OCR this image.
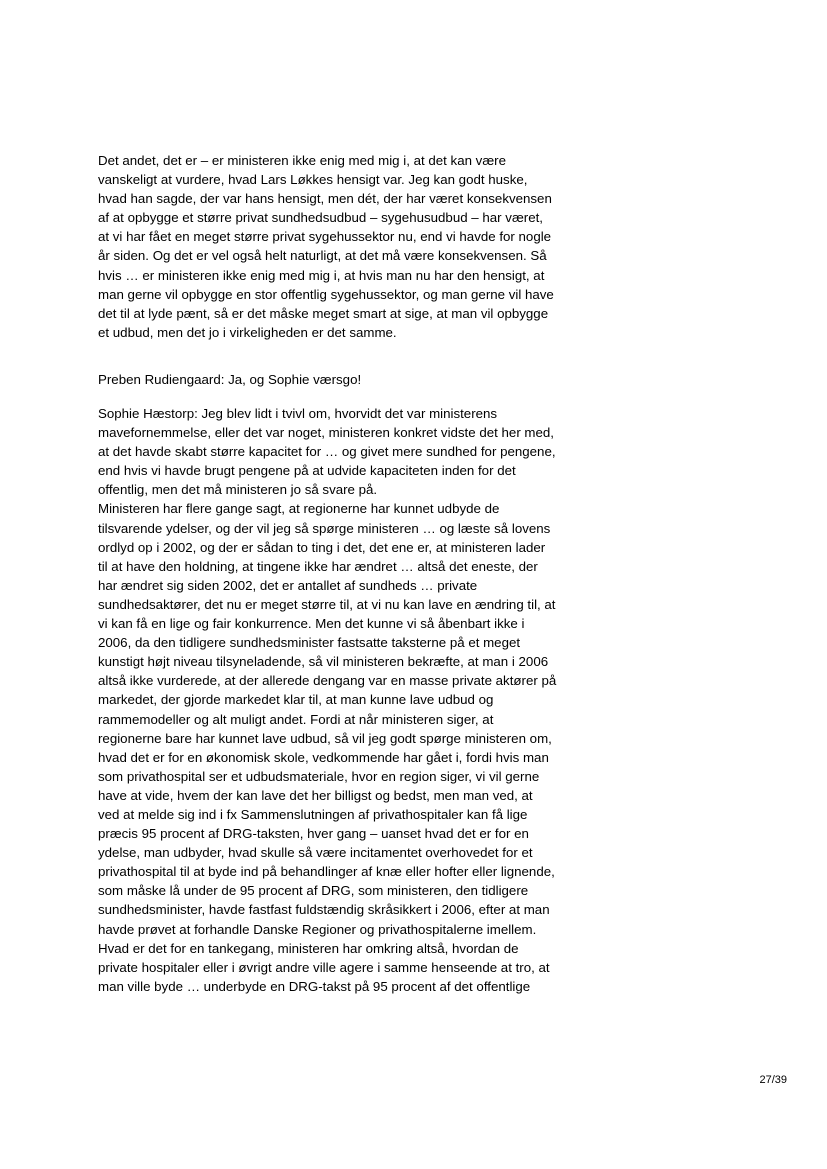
Det andet, det er – er ministeren ikke enig med mig i, at det kan være
vanskeligt at vurdere, hvad Lars Løkkes hensigt var. Jeg kan godt huske,
hvad han sagde, der var hans hensigt, men dét, der har været konsekvensen
af at opbygge et større privat sundhedsudbud – sygehusudbud – har været,
at vi har fået en meget større privat sygehussektor nu, end vi havde for nogle
år siden. Og det er vel også helt naturligt, at det må være konsekvensen. Så
hvis … er ministeren ikke enig med mig i, at hvis man nu har den hensigt, at
man gerne vil opbygge en stor offentlig sygehussektor, og man gerne vil have
det til at lyde pænt, så er det måske meget smart at sige, at man vil opbygge
et udbud, men det jo i virkeligheden er det samme.
Preben Rudiengaard: Ja, og Sophie værsgo!
Sophie Hæstorp: Jeg blev lidt i tvivl om, hvorvidt det var ministerens
mavefornemmelse, eller det var noget, ministeren konkret vidste det her med,
at det havde skabt større kapacitet for … og givet mere sundhed for pengene,
end hvis vi havde brugt pengene på at udvide kapaciteten inden for det
offentlig, men det må ministeren jo så svare på.
Ministeren har flere gange sagt, at regionerne har kunnet udbyde de
tilsvarende ydelser, og der vil jeg så spørge ministeren … og læste så lovens
ordlyd op i 2002, og der er sådan to ting i det, det ene er, at ministeren lader
til at have den holdning, at tingene ikke har ændret … altså det eneste, der
har ændret sig siden 2002, det er antallet af sundheds … private
sundhedsaktører, det nu er meget større til, at vi nu kan lave en ændring til, at
vi kan få en lige og fair konkurrence. Men det kunne vi så åbenbart ikke i
2006, da den tidligere sundhedsminister fastsatte taksterne på et meget
kunstigt højt niveau tilsyneladende, så vil ministeren bekræfte, at man i 2006
altså ikke vurderede, at der allerede dengang var en masse private aktører på
markedet, der gjorde markedet klar til, at man kunne lave udbud og
rammemodeller og alt muligt andet. Fordi at når ministeren siger, at
regionerne bare har kunnet lave udbud, så vil jeg godt spørge ministeren om,
hvad det er for en økonomisk skole, vedkommende har gået i, fordi hvis man
som privathospital ser et udbudsmateriale, hvor en region siger, vi vil gerne
have at vide, hvem der kan lave det her billigst og bedst, men man ved, at
ved at melde sig ind i fx Sammenslutningen af privathospitaler kan få lige
præcis 95 procent af DRG-taksten, hver gang – uanset hvad det er for en
ydelse, man udbyder, hvad skulle så være incitamentet overhovedet for et
privathospital til at byde ind på behandlinger af knæ eller hofter eller lignende,
som måske lå under de 95 procent af DRG, som ministeren, den tidligere
sundhedsminister, havde fastfast fuldstændig skråsikkert i 2006, efter at man
havde prøvet at forhandle Danske Regioner og privathospitalerne imellem.
Hvad er det for en tankegang, ministeren har omkring altså, hvordan de
private hospitaler eller i øvrigt andre ville agere i samme henseende at tro, at
man ville byde … underbyde en DRG-takst på 95 procent af det offentlige
27/39
